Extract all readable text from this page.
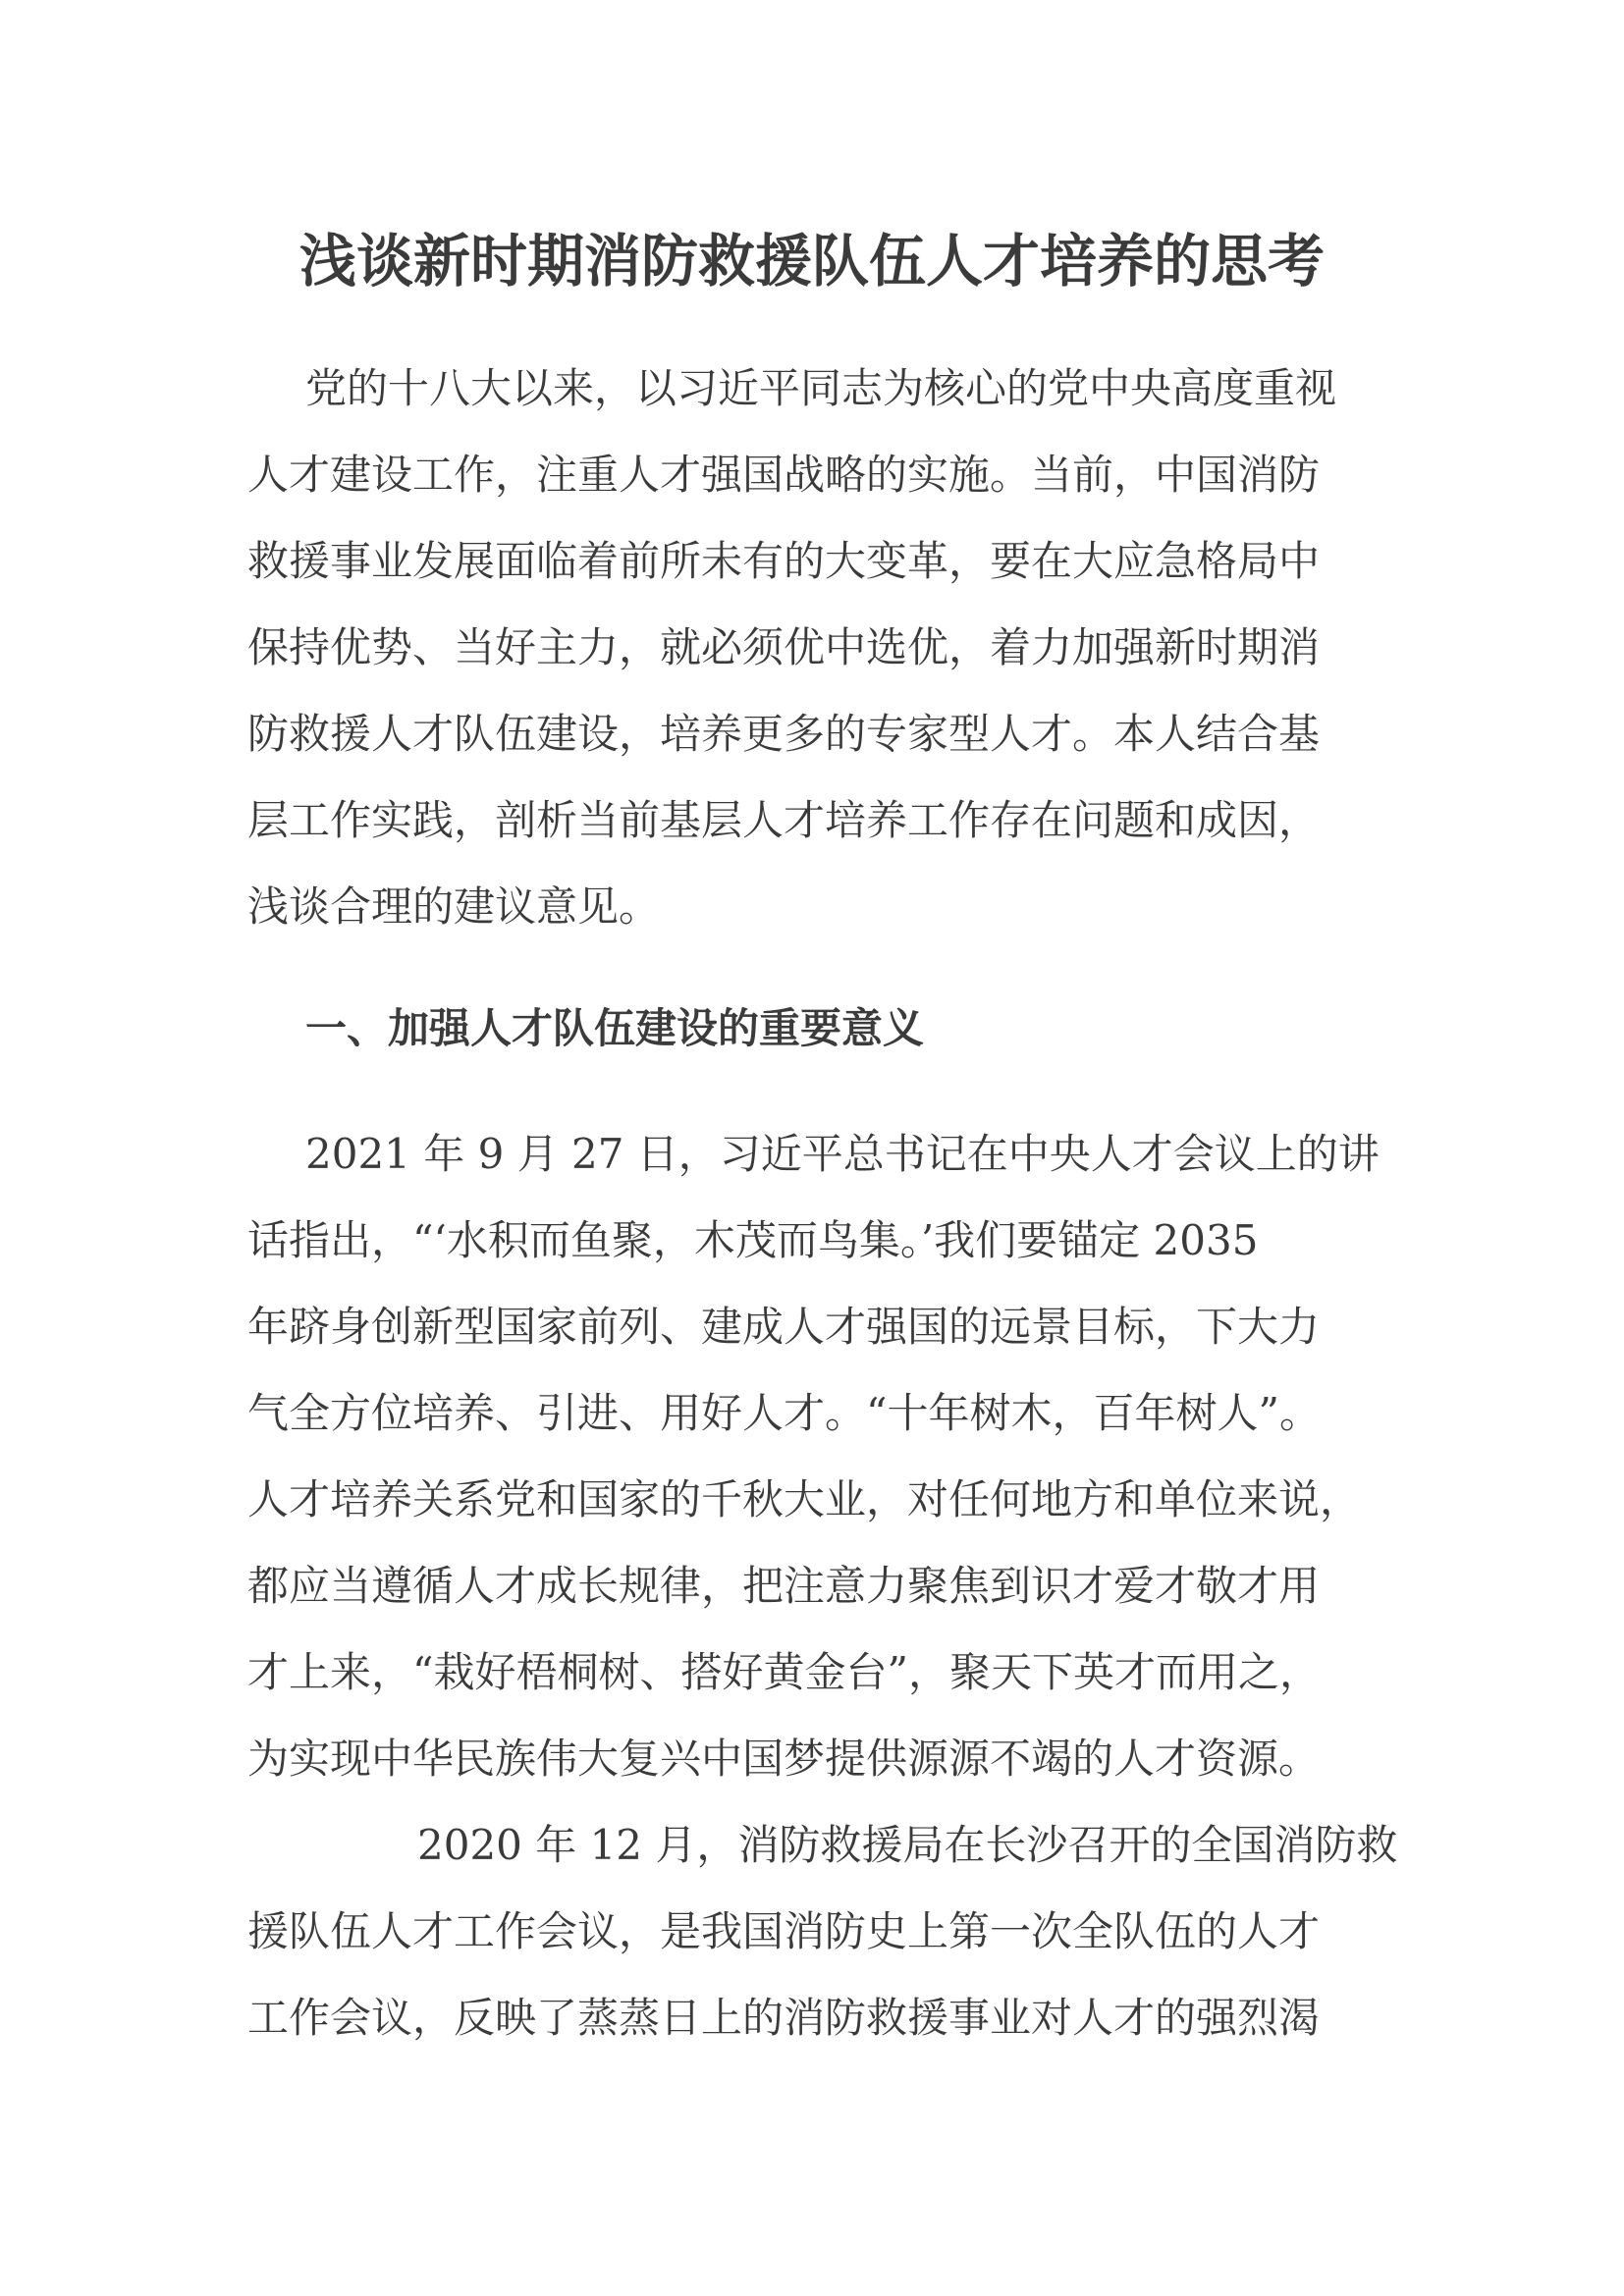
浅谈新时期消防救援队伍人才培养的思考

党的十八大以来，以习近平同志为核心的党中央高度重视

人才建设工作，注重人才强国战略的实施。当前，中国消防

救援事业发展面临着前所未有的大变革，要在大应急格局中

保持优势、当好主力，就必须优中选优，着力加强新时期消

防救援人才队伍建设，培养更多的专家型人才。本人结合基

层工作实践，剖析当前基层人才培养工作存在问题和成因，

浅谈合理的建议意见。

一、加强人才队伍建设的重要意义

2021 年 9 月 27 日，习近平总书记在中央人才会议上的讲

话指出，“‘水积而鱼聚，木茂而鸟集。’我们要锚定 2035

年跻身创新型国家前列、建成人才强国的远景目标，下大力

气全方位培养、引进、用好人才。“十年树木，百年树人”。

人才培养关系党和国家的千秋大业，对任何地方和单位来说，

都应当遵循人才成长规律，把注意力聚焦到识才爱才敬才用

才上来，“栽好梧桐树、搭好黄金台”，聚天下英才而用之，

为实现中华民族伟大复兴中国梦提供源源不竭的人才资源。

2020 年 12 月，消防救援局在长沙召开的全国消防救

援队伍人才工作会议，是我国消防史上第一次全队伍的人才

工作会议，反映了蒸蒸日上的消防救援事业对人才的强烈渴
